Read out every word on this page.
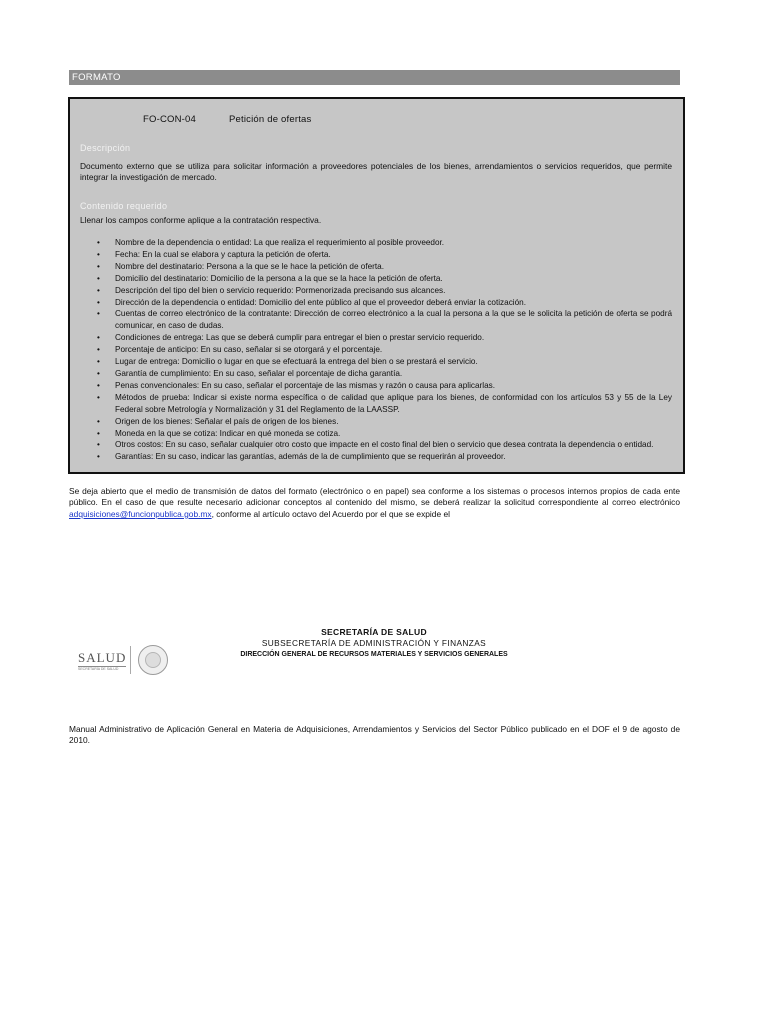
FORMATO
FO-CON-04	Petición de ofertas
Descripción
Documento externo que se utiliza para solicitar información a proveedores potenciales de los bienes, arrendamientos o servicios requeridos, que permite integrar la investigación de mercado.
Contenido requerido
Llenar los campos conforme aplique a la contratación respectiva.
• Nombre de la dependencia o entidad: La que realiza el requerimiento al posible proveedor.
• Fecha: En la cual se elabora y captura la petición de oferta.
• Nombre del destinatario: Persona a la que se le hace la petición de oferta.
• Domicilio del destinatario: Domicilio de la persona a la que se la hace la petición de oferta.
• Descripción del tipo del bien o servicio requerido: Pormenorizada precisando sus alcances.
• Dirección de la dependencia o entidad: Domicilio del ente público al que el proveedor deberá enviar la cotización.
• Cuentas de correo electrónico de la contratante: Dirección de correo electrónico a la cual la persona a la que se le solicita la petición de oferta se podrá comunicar, en caso de dudas.
• Condiciones de entrega: Las que se deberá cumplir para entregar el bien o prestar servicio requerido.
• Porcentaje de anticipo: En su caso, señalar si se otorgará y el porcentaje.
• Lugar de entrega: Domicilio o lugar en que se efectuará la entrega del bien o se prestará el servicio.
• Garantía de cumplimiento: En su caso, señalar el porcentaje de dicha garantía.
• Penas convencionales: En su caso, señalar el porcentaje de las mismas y razón o causa para aplicarlas.
• Métodos de prueba: Indicar si existe norma específica o de calidad que aplique para los bienes, de conformidad con los artículos 53 y 55 de la Ley Federal sobre Metrología y Normalización y 31 del Reglamento de la LAASSP.
• Origen de los bienes: Señalar el país de origen de los bienes.
• Moneda en la que se cotiza: Indicar en qué moneda se cotiza.
• Otros costos: En su caso, señalar cualquier otro costo que impacte en el costo final del bien o servicio que desea contrata la dependencia o entidad.
• Garantías: En su caso, indicar las garantías, además de la de cumplimiento que se requerirán al proveedor.
Se deja abierto que el medio de transmisión de datos del formato (electrónico o en papel) sea conforme a los sistemas o procesos internos propios de cada ente público. En el caso de que resulte necesario adicionar conceptos al contenido del mismo, se deberá realizar la solicitud correspondiente al correo electrónico adquisiciones@funcionpublica.gob.mx, conforme al artículo octavo del Acuerdo por el que se expide el
SALUD
SECRETARÍA DE SALUD
SECRETARÍA DE SALUD
SUBSECRETARÍA DE ADMINISTRACIÓN Y FINANZAS
DIRECCIÓN GENERAL DE RECURSOS MATERIALES Y SERVICIOS GENERALES
Manual Administrativo de Aplicación General en Materia de Adquisiciones, Arrendamientos y Servicios del Sector Público publicado en el DOF el 9 de agosto de 2010.
